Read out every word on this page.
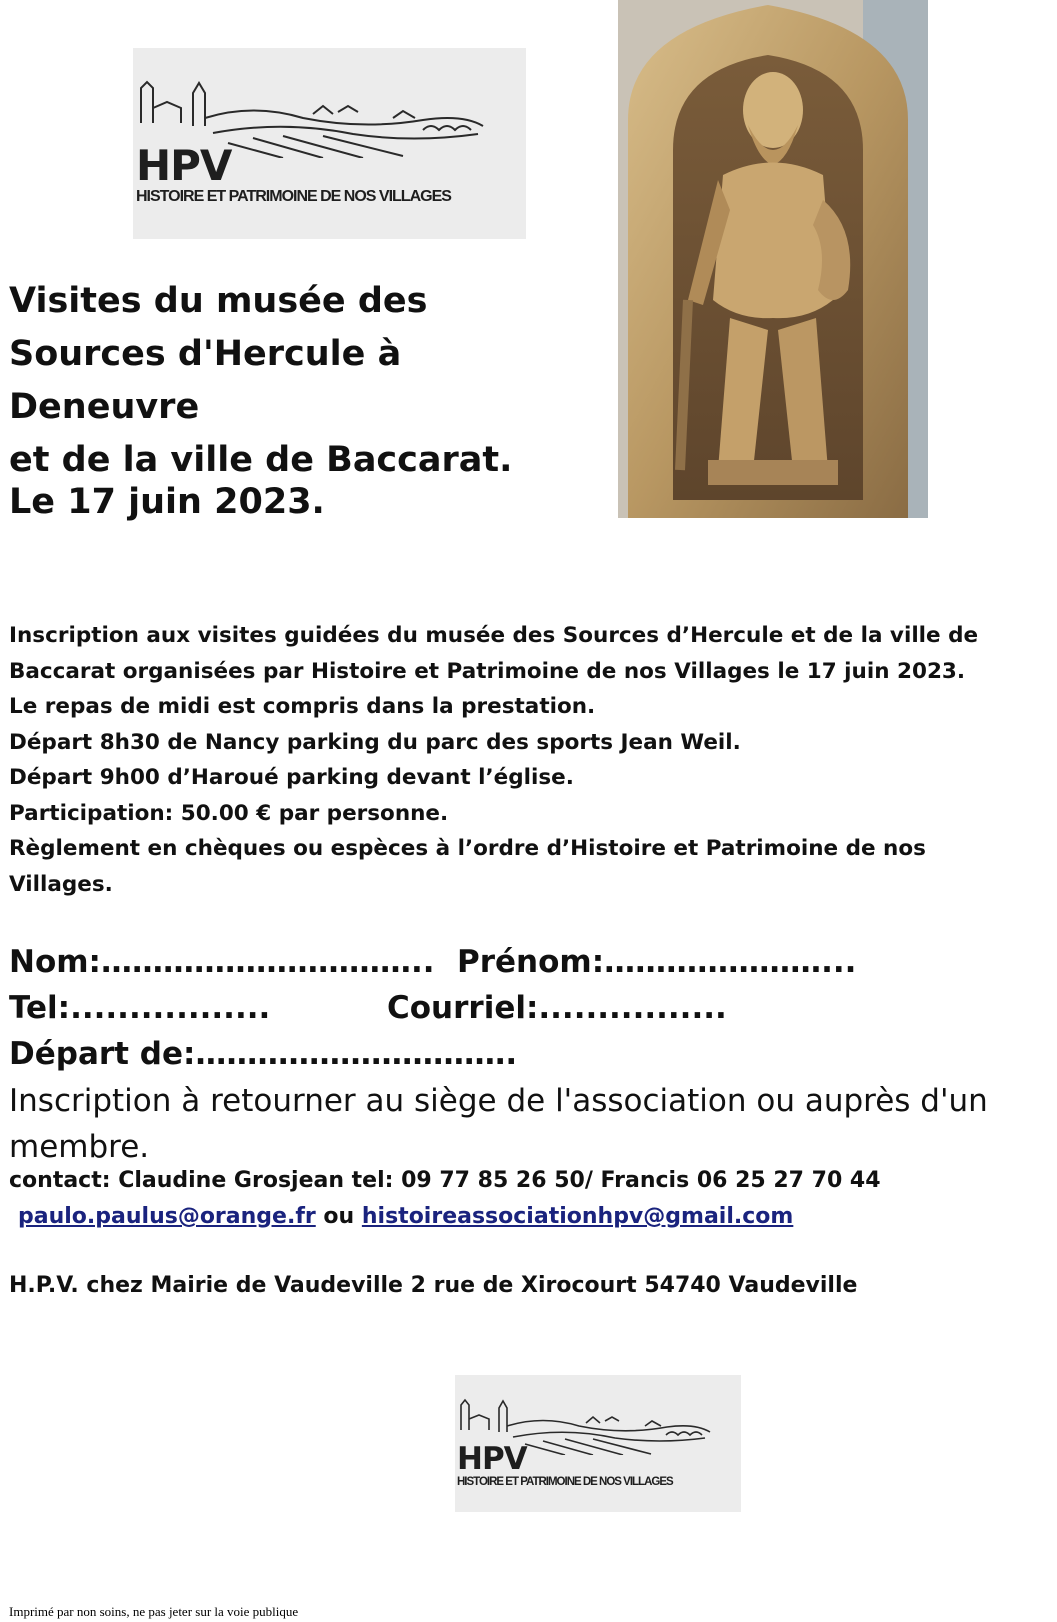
HPV
HISTOIRE ET PATRIMOINE DE NOS VILLAGES
Visites du musée des
Sources d'Hercule à Deneuvre
et de la ville de Baccarat.
Le 17 juin 2023.

Inscription aux visites guidées du musée des Sources d’Hercule et de la ville de

Baccarat organisées par Histoire et Patrimoine de nos Villages le 17 juin 2023.

Le repas de midi est compris dans la prestation.

Départ 8h30 de Nancy parking du parc des sports Jean Weil.

Départ 9h00 d’Haroué parking devant l’église.

Participation: 50.00 € par personne.

Règlement en chèques ou espèces à l’ordre d’Histoire et Patrimoine de nos

Villages.

Nom:………………………….. Prénom:…………………...
Tel:.................	Courriel:................
Départ de:………………………….
Inscription à retourner au siège de l'association ou auprès d'un membre.
contact: Claudine Grosjean tel: 09 77 85 26 50/ Francis 06 25 27 70 44
paulo.paulus@orange.fr ou histoireassociationhpv@gmail.com
H.P.V. chez Mairie de Vaudeville 2 rue de Xirocourt 54740 Vaudeville
HPV
HISTOIRE ET PATRIMOINE DE NOS VILLAGES
Imprimé par non soins, ne pas jeter sur la voie publique
